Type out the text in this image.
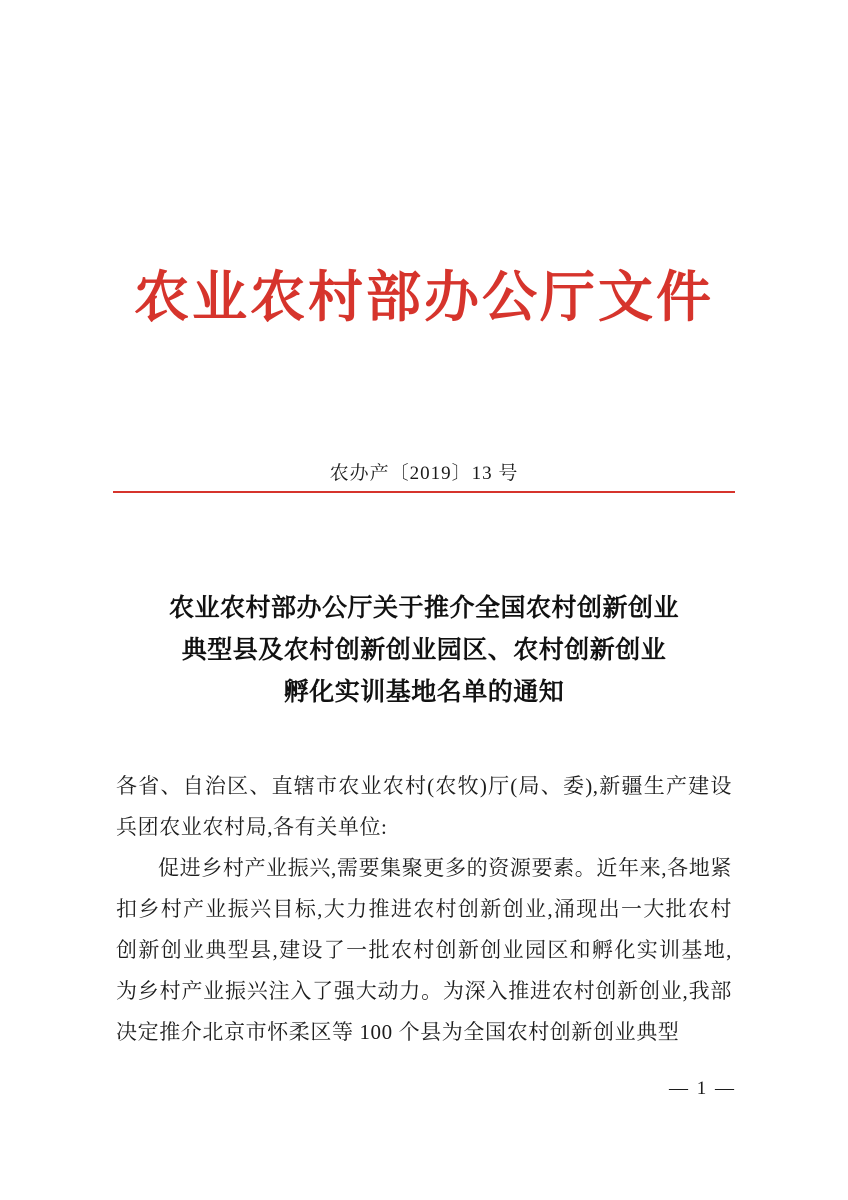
农业农村部办公厅文件
农办产〔2019〕13 号
农业农村部办公厅关于推介全国农村创新创业
典型县及农村创新创业园区、农村创新创业
孵化实训基地名单的通知

各省、自治区、直辖市农业农村(农牧)厅(局、委),新疆生产建设兵团农业农村局,各有关单位:

促进乡村产业振兴,需要集聚更多的资源要素。近年来,各地紧扣乡村产业振兴目标,大力推进农村创新创业,涌现出一大批农村创新创业典型县,建设了一批农村创新创业园区和孵化实训基地,为乡村产业振兴注入了强大动力。为深入推进农村创新创业,我部决定推介北京市怀柔区等 100 个县为全国农村创新创业典型

— 1 —
